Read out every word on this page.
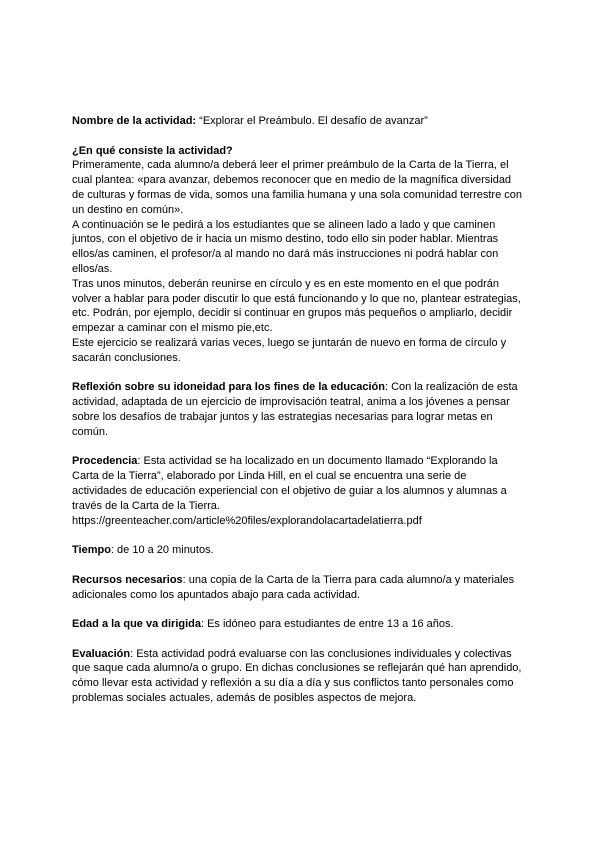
Nombre de la actividad: “Explorar el Preámbulo. El desafío de avanzar”
¿En qué consiste la actividad?
Primeramente, cada alumno/a deberá leer el primer preámbulo de la Carta de la Tierra, el
cual plantea: «para avanzar, debemos reconocer que en medio de la magnífica diversidad
de culturas y formas de vida, somos una familia humana y una sola comunidad terrestre con
un destino en común».
A continuación se le pedirá a los estudiantes que se alineen lado a lado y que caminen
juntos, con el objetivo de ir hacia un mismo destino, todo ello sin poder hablar. Mientras
ellos/as caminen, el profesor/a al mando no dará más instrucciones ni podrá hablar con
ellos/as.
Tras unos minutos, deberán reunirse en círculo y es en este momento en el que podrán
volver a hablar para poder discutir lo que está funcionando y lo que no, plantear estrategias,
etc. Podrán, por ejemplo, decidir si continuar en grupos más pequeños o ampliarlo, decidir
empezar a caminar con el mismo pie,etc.
Este ejercicio se realizará varias veces, luego se juntarán de nuevo en forma de círculo y
sacarán conclusiones.
Reflexión sobre su idoneidad para los fines de la educación: Con la realización de esta
actividad, adaptada de un ejercicio de improvisación teatral, anima a los jóvenes a pensar
sobre los desafíos de trabajar juntos y las estrategias necesarias para lograr metas en
común.
Procedencia: Esta actividad se ha localizado en un documento llamado “Explorando la
Carta de la Tierra”, elaborado por Linda Hill, en el cual se encuentra una serie de
actividades de educación experiencial con el objetivo de guiar a los alumnos y alumnas a
través de la Carta de la Tierra.
https://greenteacher.com/article%20files/explorandolacartadelatierra.pdf
Tiempo: de 10 a 20 minutos.
Recursos necesarios: una copia de la Carta de la Tierra para cada alumno/a y materiales
adicionales como los apuntados abajo para cada actividad.
Edad a la que va dirigida: Es idóneo para estudiantes de entre 13 a 16 años.
Evaluación: Esta actividad podrá evaluarse con las conclusiones individuales y colectivas
que saque cada alumno/a o grupo. En dichas conclusiones se reflejarán qué han aprendido,
cómo llevar esta actividad y reflexión a su día a día y sus conflictos tanto personales como
problemas sociales actuales, además de posibles aspectos de mejora.
